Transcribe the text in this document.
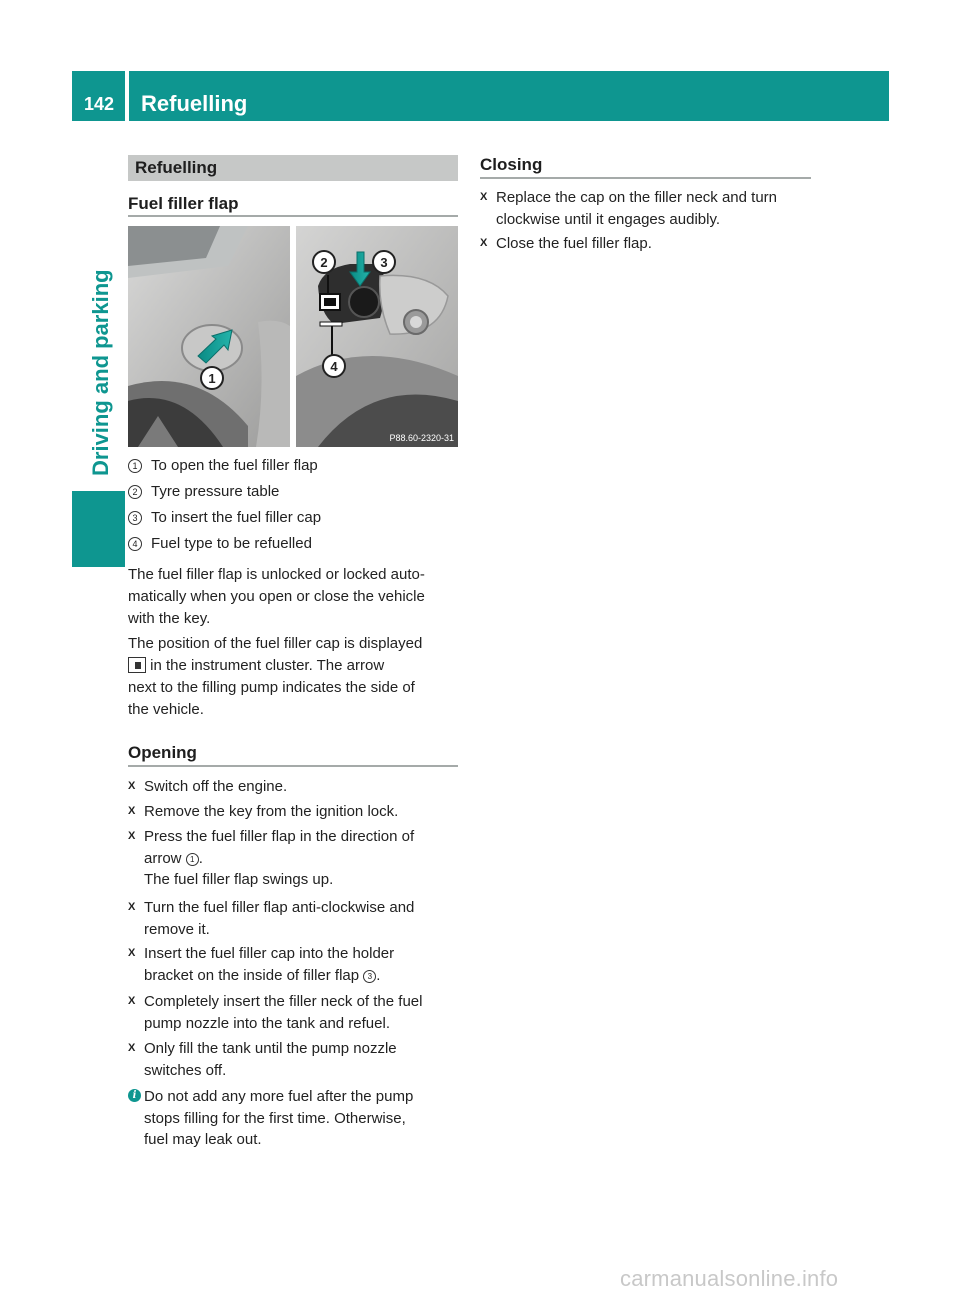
142	Refuelling
Driving and parking
Refuelling
Fuel filler flap
1
2	3
4
P88.60-2320-31
1 To open the fuel filler flap
2 Tyre pressure table
3 To insert the fuel filler cap
4 Fuel type to be refuelled
The fuel filler flap is unlocked or locked auto-
matically when you open or close the vehicle
with the key.
The position of the fuel filler cap is displayed
in the instrument cluster. The arrow
next to the filling pump indicates the side of
the vehicle.
Opening
X Switch off the engine.
X Remove the key from the ignition lock.
X Press the fuel filler flap in the direction of
arrow 1 .
The fuel filler flap swings up.
X Turn the fuel filler flap anti-clockwise and
remove it.
X Insert the fuel filler cap into the holder
bracket on the inside of filler flap 3 .
X Completely insert the filler neck of the fuel
pump nozzle into the tank and refuel.
X Only fill the tank until the pump nozzle
switches off.
i Do not add any more fuel after the pump
stops filling for the first time. Otherwise,
fuel may leak out.
Closing
X Replace the cap on the filler neck and turn
clockwise until it engages audibly.
X Close the fuel filler flap.
carmanualsonline.info
